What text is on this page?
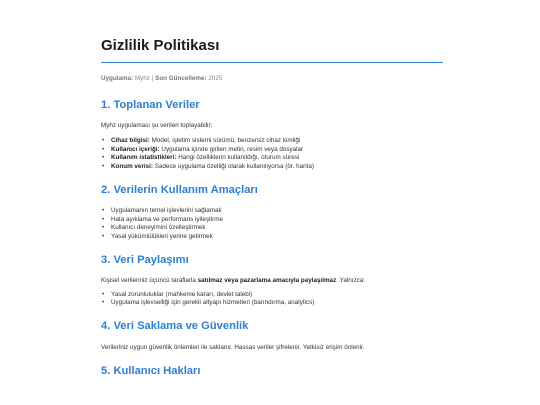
Gizlilik Politikası
Uygulama: Myhz | Son Güncelleme: 2025
1. Toplanan Veriler

Myhz uygulaması şu verileri toplayabilir:

• Cihaz bilgisi: Model, işletim sistemi sürümü, benzersiz cihaz kimliği
• Kullanıcı içeriği: Uygulama içinde girilen metin, resim veya dosyalar
• Kullanım istatistikleri: Hangi özelliklerin kullanıldığı, oturum süresi
• Konum verisi: Sadece uygulama özelliği olarak kullanılıyorsa (ör. harita)
2. Verilerin Kullanım Amaçları
• Uygulamanın temel işlevlerini sağlamak
• Hata ayıklama ve performans iyileştirme
• Kullanıcı deneyimini özelleştirmek
• Yasal yükümlülükleri yerine getirmek
3. Veri Paylaşımı

Kişisel verileriniz üçüncü taraflarla satılmaz veya pazarlama amacıyla paylaşılmaz. Yalnızca:

• Yasal zorunluluklar (mahkeme kararı, devlet talebi)
• Uygulama işlevselliği için gerekli altyapı hizmetleri (barındırma, analytics)
4. Veri Saklama ve Güvenlik

Verileriniz uygun güvenlik önlemleri ile saklanır. Hassas veriler şifrelenir. Yetkisiz erişim önlenir.

5. Kullanıcı Hakları
